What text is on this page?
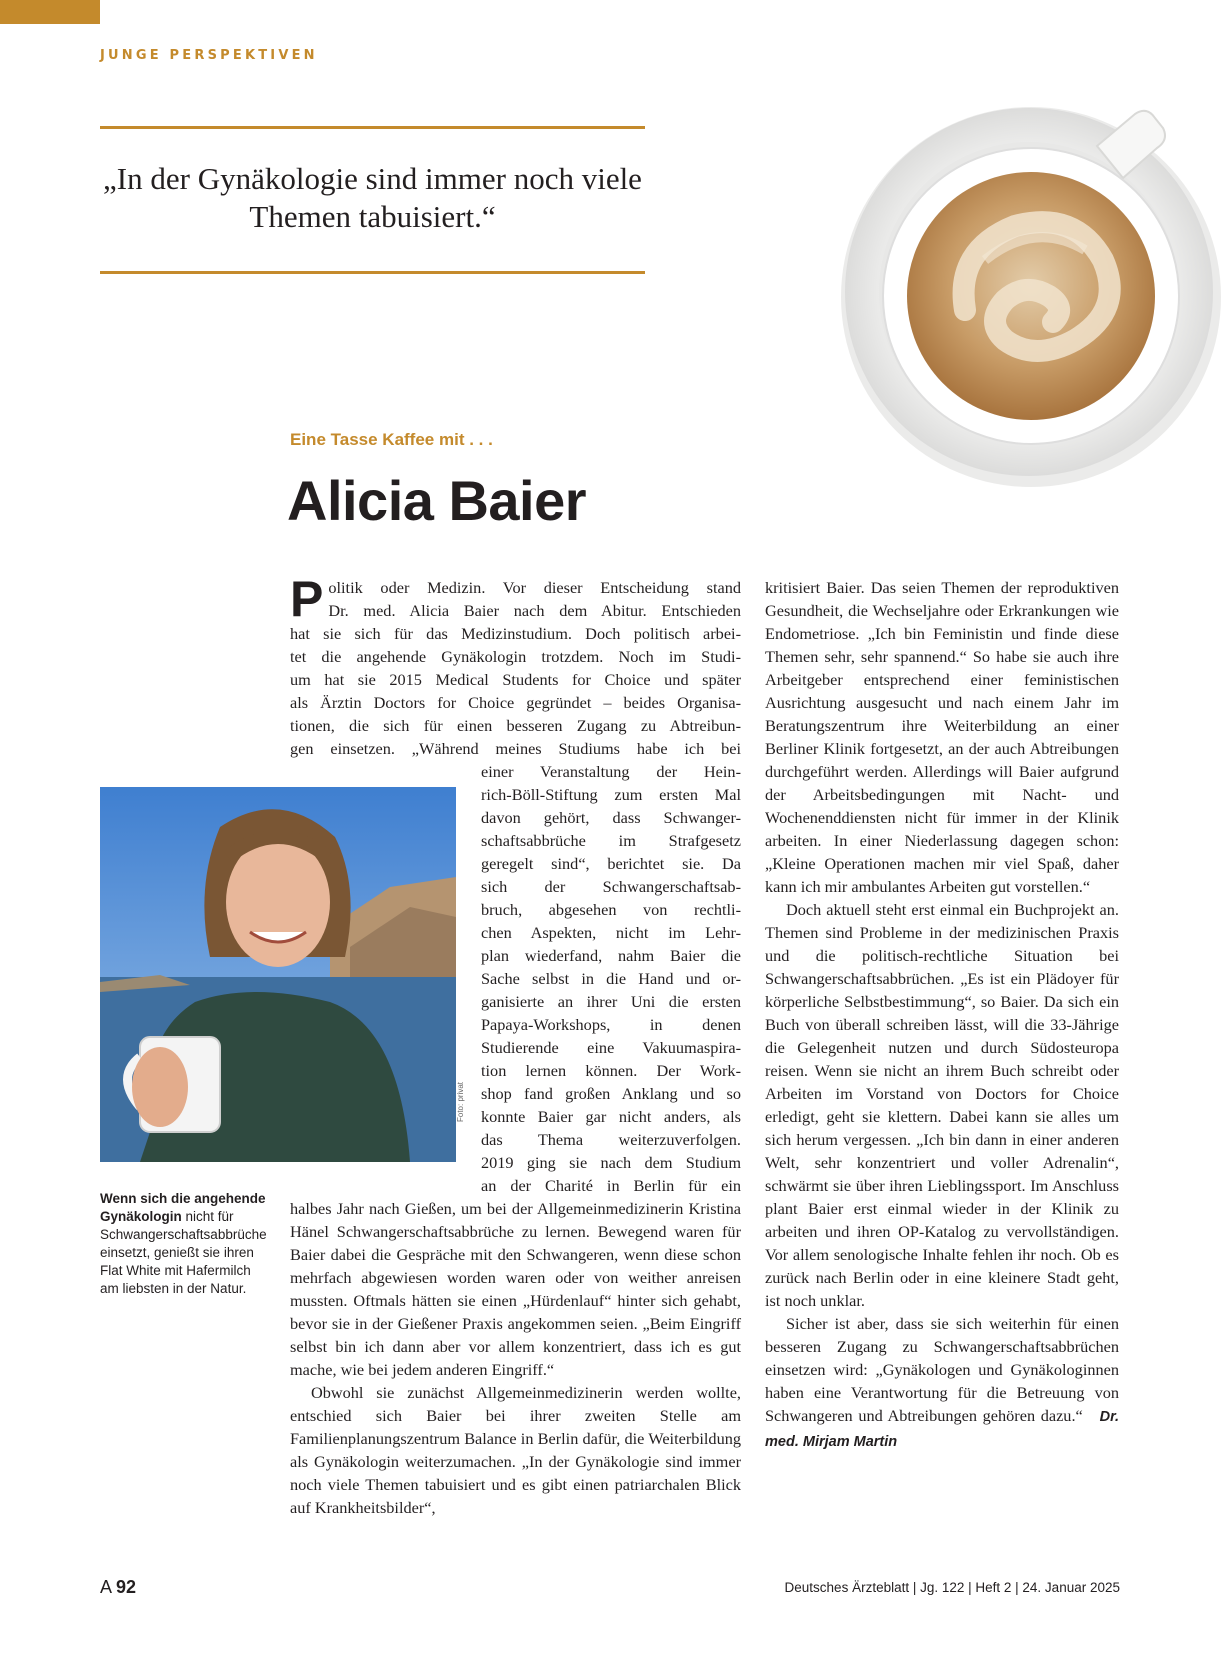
JUNGE PERSPEKTIVEN
„In der Gynäkologie sind immer noch viele Themen tabuisiert.“
Eine Tasse Kaffee mit . . .
Alicia Baier
P olitik oder Medizin. Vor dieser Entscheidung stand
Dr. med. Alicia Baier nach dem Abitur. Entschieden
hat sie sich für das Medizinstudium. Doch politisch arbei-
tet die angehende Gynäkologin trotzdem. Noch im Studi-
um hat sie 2015 Medical Students for Choice und später
als Ärztin Doctors for Choice gegründet – beides Organisa-
tionen, die sich für einen besseren Zugang zu Abtreibun-
gen einsetzen. „Während meines Studiums habe ich bei
einer Veranstaltung der Hein-
rich-Böll-Stiftung zum ersten Mal
davon gehört, dass Schwanger-
schaftsabbrüche im Strafgesetz
geregelt sind“, berichtet sie. Da
sich der Schwangerschaftsab-
bruch, abgesehen von rechtli-
chen Aspekten, nicht im Lehr-
plan wiederfand, nahm Baier die
Sache selbst in die Hand und or-
ganisierte an ihrer Uni die ersten
Papaya-Workshops, in denen
Studierende eine Vakuumaspira-
tion lernen können. Der Work-
shop fand großen Anklang und so
konnte Baier gar nicht anders, als
das Thema weiterzuverfolgen.
2019 ging sie nach dem Studium
an der Charité in Berlin für ein
Foto: privat
Wenn sich die angehende Gynäkologin nicht für Schwangerschaftsabbrüche einsetzt, genießt sie ihren Flat White mit Hafermilch am liebsten in der Natur.

halbes Jahr nach Gießen, um bei der Allgemeinmedizinerin Kristina Hänel Schwangerschaftsabbrüche zu lernen. Bewegend waren für Baier dabei die Gespräche mit den Schwangeren, wenn diese schon mehrfach abgewiesen worden waren oder von weither anreisen mussten. Oftmals hätten sie einen „Hürdenlauf“ hinter sich gehabt, bevor sie in der Gießener Praxis angekommen seien. „Beim Eingriff selbst bin ich dann aber vor allem konzentriert, dass ich es gut mache, wie bei jedem anderen Eingriff.“

Obwohl sie zunächst Allgemeinmedizinerin werden wollte, entschied sich Baier bei ihrer zweiten Stelle am Familienplanungszentrum Balance in Berlin dafür, die Weiterbildung als Gynäkologin weiterzumachen. „In der Gynäkologie sind immer noch viele Themen tabuisiert und es gibt einen patriarchalen Blick auf Krankheitsbilder“,

kritisiert Baier. Das seien Themen der reproduktiven Gesundheit, die Wechseljahre oder Erkrankungen wie Endometriose. „Ich bin Feministin und finde diese Themen sehr, sehr spannend.“ So habe sie auch ihre Arbeitgeber entsprechend einer feministischen Ausrichtung ausgesucht und nach einem Jahr im Beratungszentrum ihre Weiterbildung an einer Berliner Klinik fortgesetzt, an der auch Abtreibungen durchgeführt werden. Allerdings will Baier aufgrund der Arbeitsbedingungen mit Nacht- und Wochenenddiensten nicht für immer in der Klinik arbeiten. In einer Niederlassung dagegen schon: „Kleine Operationen machen mir viel Spaß, daher kann ich mir ambulantes Arbeiten gut vorstellen.“

Doch aktuell steht erst einmal ein Buchprojekt an. Themen sind Probleme in der medizinischen Praxis und die politisch-rechtliche Situation bei Schwangerschaftsabbrüchen. „Es ist ein Plädoyer für körperliche Selbstbestimmung“, so Baier. Da sich ein Buch von überall schreiben lässt, will die 33-Jährige die Gelegenheit nutzen und durch Südosteuropa reisen. Wenn sie nicht an ihrem Buch schreibt oder Arbeiten im Vorstand von Doctors for Choice erledigt, geht sie klettern. Dabei kann sie alles um sich herum vergessen. „Ich bin dann in einer anderen Welt, sehr konzentriert und voller Adrenalin“, schwärmt sie über ihren Lieblingssport. Im Anschluss plant Baier erst einmal wieder in der Klinik zu arbeiten und ihren OP-Katalog zu vervollständigen. Vor allem senologische Inhalte fehlen ihr noch. Ob es zurück nach Berlin oder in eine kleinere Stadt geht, ist noch unklar.

Sicher ist aber, dass sie sich weiterhin für einen besseren Zugang zu Schwangerschaftsabbrüchen einsetzen wird: „Gynäkologen und Gynäkologinnen haben eine Verantwortung für die Betreuung von Schwangeren und Abtreibungen gehören dazu.“ Dr. med. Mirjam Martin

A 92	Deutsches Ärzteblatt | Jg. 122 | Heft 2 | 24. Januar 2025
